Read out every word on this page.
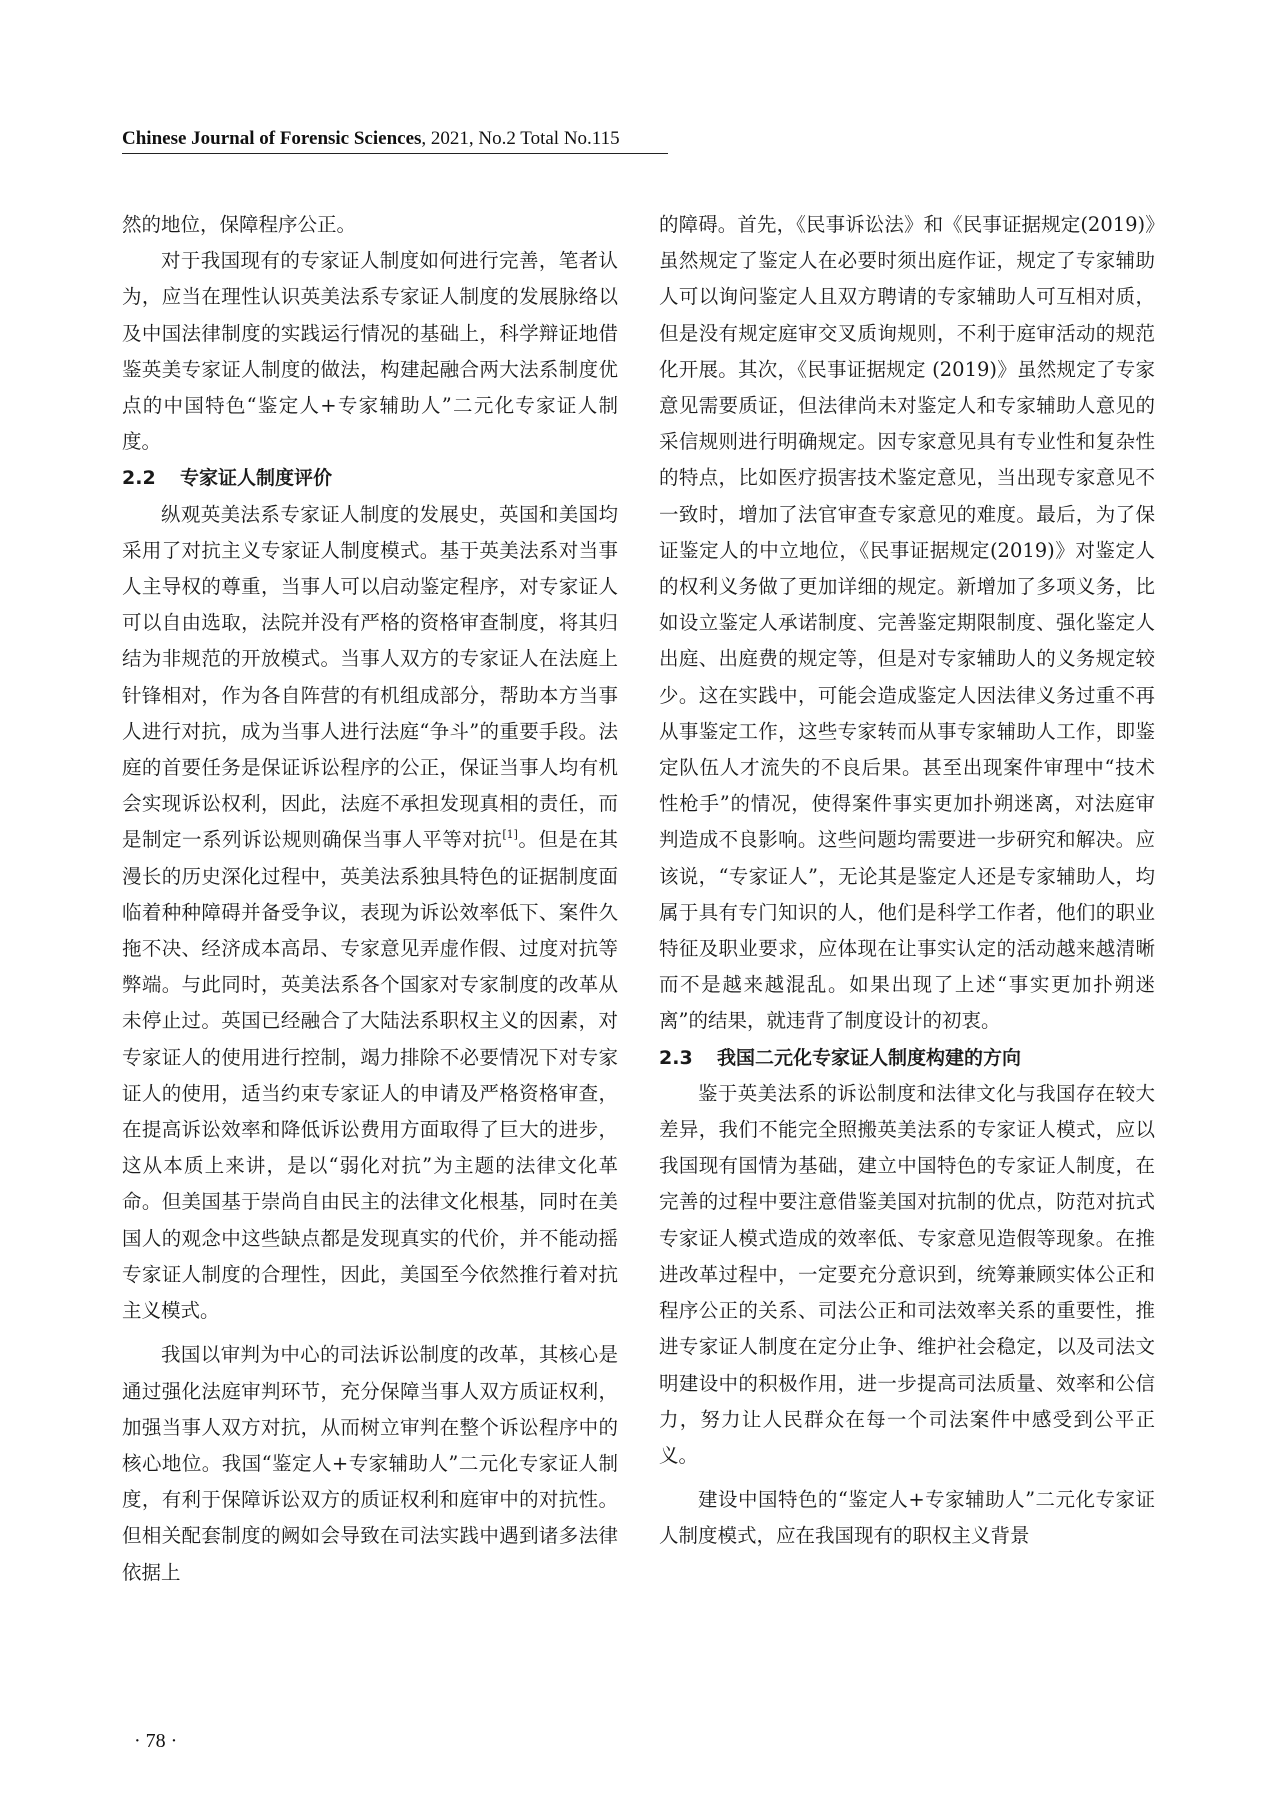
Chinese Journal of Forensic Sciences, 2021, No.2 Total No.115

然的地位，保障程序公正。

对于我国现有的专家证人制度如何进行完善，笔者认为，应当在理性认识英美法系专家证人制度的发展脉络以及中国法律制度的实践运行情况的基础上，科学辩证地借鉴英美专家证人制度的做法，构建起融合两大法系制度优点的中国特色“鉴定人+专家辅助人”二元化专家证人制度。

2.2 专家证人制度评价

纵观英美法系专家证人制度的发展史，英国和美国均采用了对抗主义专家证人制度模式。基于英美法系对当事人主导权的尊重，当事人可以启动鉴定程序，对专家证人可以自由选取，法院并没有严格的资格审查制度，将其归结为非规范的开放模式。当事人双方的专家证人在法庭上针锋相对，作为各自阵营的有机组成部分，帮助本方当事人进行对抗，成为当事人进行法庭“争斗”的重要手段。法庭的首要任务是保证诉讼程序的公正，保证当事人均有机会实现诉讼权利，因此，法庭不承担发现真相的责任，而是制定一系列诉讼规则确保当事人平等对抗[1]。但是在其漫长的历史深化过程中，英美法系独具特色的证据制度面临着种种障碍并备受争议，表现为诉讼效率低下、案件久拖不决、经济成本高昂、专家意见弄虚作假、过度对抗等弊端。与此同时，英美法系各个国家对专家制度的改革从未停止过。英国已经融合了大陆法系职权主义的因素，对专家证人的使用进行控制，竭力排除不必要情况下对专家证人的使用，适当约束专家证人的申请及严格资格审查，在提高诉讼效率和降低诉讼费用方面取得了巨大的进步，这从本质上来讲，是以“弱化对抗”为主题的法律文化革命。但美国基于崇尚自由民主的法律文化根基，同时在美国人的观念中这些缺点都是发现真实的代价，并不能动摇专家证人制度的合理性，因此，美国至今依然推行着对抗主义模式。

我国以审判为中心的司法诉讼制度的改革，其核心是通过强化法庭审判环节，充分保障当事人双方质证权利，加强当事人双方对抗，从而树立审判在整个诉讼程序中的核心地位。我国“鉴定人+专家辅助人”二元化专家证人制度，有利于保障诉讼双方的质证权利和庭审中的对抗性。但相关配套制度的阙如会导致在司法实践中遇到诸多法律依据上

的障碍。首先，《民事诉讼法》和《民事证据规定(2019)》虽然规定了鉴定人在必要时须出庭作证，规定了专家辅助人可以询问鉴定人且双方聘请的专家辅助人可互相对质，但是没有规定庭审交叉质询规则，不利于庭审活动的规范化开展。其次，《民事证据规定 (2019)》虽然规定了专家意见需要质证，但法律尚未对鉴定人和专家辅助人意见的采信规则进行明确规定。因专家意见具有专业性和复杂性的特点，比如医疗损害技术鉴定意见，当出现专家意见不一致时，增加了法官审查专家意见的难度。最后，为了保证鉴定人的中立地位，《民事证据规定(2019)》对鉴定人的权利义务做了更加详细的规定。新增加了多项义务，比如设立鉴定人承诺制度、完善鉴定期限制度、强化鉴定人出庭、出庭费的规定等，但是对专家辅助人的义务规定较少。这在实践中，可能会造成鉴定人因法律义务过重不再从事鉴定工作，这些专家转而从事专家辅助人工作，即鉴定队伍人才流失的不良后果。甚至出现案件审理中“技术性枪手”的情况，使得案件事实更加扑朔迷离，对法庭审判造成不良影响。这些问题均需要进一步研究和解决。应该说，“专家证人”，无论其是鉴定人还是专家辅助人，均属于具有专门知识的人，他们是科学工作者，他们的职业特征及职业要求，应体现在让事实认定的活动越来越清晰而不是越来越混乱。如果出现了上述“事实更加扑朔迷离”的结果，就违背了制度设计的初衷。

2.3 我国二元化专家证人制度构建的方向

鉴于英美法系的诉讼制度和法律文化与我国存在较大差异，我们不能完全照搬英美法系的专家证人模式，应以我国现有国情为基础，建立中国特色的专家证人制度，在完善的过程中要注意借鉴美国对抗制的优点，防范对抗式专家证人模式造成的效率低、专家意见造假等现象。在推进改革过程中，一定要充分意识到，统筹兼顾实体公正和程序公正的关系、司法公正和司法效率关系的重要性，推进专家证人制度在定分止争、维护社会稳定，以及司法文明建设中的积极作用，进一步提高司法质量、效率和公信力，努力让人民群众在每一个司法案件中感受到公平正义。

建设中国特色的“鉴定人+专家辅助人”二元化专家证人制度模式，应在我国现有的职权主义背景

· 78 ·
